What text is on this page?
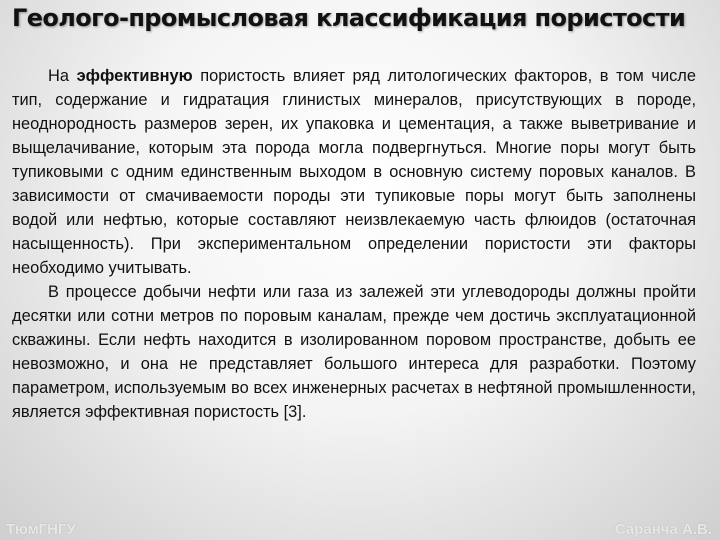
Геолого-промысловая классификация пористости

На эффективную пористость влияет ряд литологических факторов, в том числе тип, содержание и гидратация глинистых минералов, присутствующих в породе, неоднородность размеров зерен, их упаковка и цементация, а также выветривание и выщелачивание, которым эта порода могла подвергнуться. Многие поры могут быть тупиковыми с одним единственным выходом в основную систему поровых каналов. В зависимости от смачиваемости породы эти тупиковые поры могут быть заполнены водой или нефтью, которые составляют неизвлекаемую часть флюидов (остаточная насыщенность). При экспериментальном определении пористости эти факторы необходимо учитывать.

В процессе добычи нефти или газа из залежей эти углеводороды должны пройти десятки или сотни метров по поровым каналам, прежде чем достичь эксплуатационной скважины. Если нефть находится в изолированном поровом пространстве, добыть ее невозможно, и она не представляет большого интереса для разработки. Поэтому параметром, используемым во всех инженерных расчетах в нефтяной промышленности, является эффективная пористость [3].

ТюмГНГУ	Саранча А.В.
